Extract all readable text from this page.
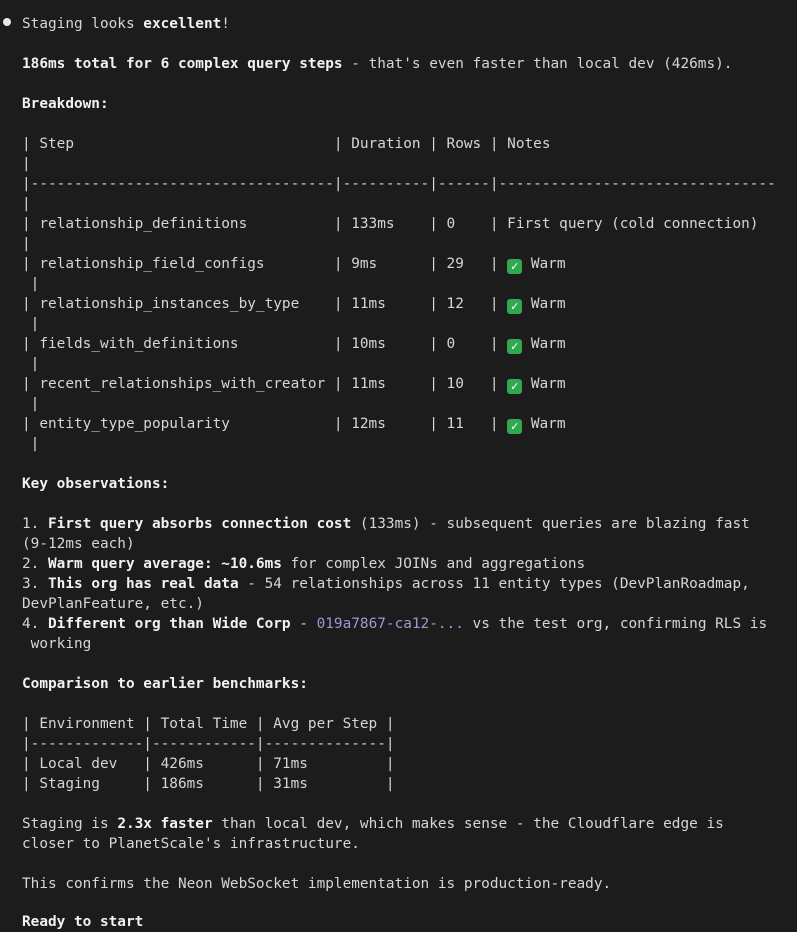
Staging looks excellent!
186ms total for 6 complex query steps - that's even faster than local dev (426ms).
Breakdown:
| Step                              | Duration | Rows | Notes
|
|-----------------------------------|----------|------|--------------------------------
|
| relationship_definitions          | 133ms    | 0    | First query (cold connection)
|
| relationship_field_configs        | 9ms      | 29   | ✓ Warm
|
| relationship_instances_by_type    | 11ms     | 12   | ✓ Warm
|
| fields_with_definitions           | 10ms     | 0    | ✓ Warm
|
| recent_relationships_with_creator | 11ms     | 10   | ✓ Warm
|
| entity_type_popularity            | 12ms     | 11   | ✓ Warm
|
Key observations:
1. First query absorbs connection cost (133ms) - subsequent queries are blazing fast
(9-12ms each)
2. Warm query average: ~10.6ms for complex JOINs and aggregations
3. This org has real data - 54 relationships across 11 entity types (DevPlanRoadmap,
DevPlanFeature, etc.)
4. Different org than Wide Corp - 019a7867-ca12-... vs the test org, confirming RLS is
working
Comparison to earlier benchmarks:
| Environment | Total Time | Avg per Step |
|-------------|------------|--------------|
| Local dev   | 426ms      | 71ms         |
| Staging     | 186ms      | 31ms         |
Staging is 2.3x faster than local dev, which makes sense - the Cloudflare edge is
closer to PlanetScale's infrastructure.
This confirms the Neon WebSocket implementation is production-ready.
Ready to start
